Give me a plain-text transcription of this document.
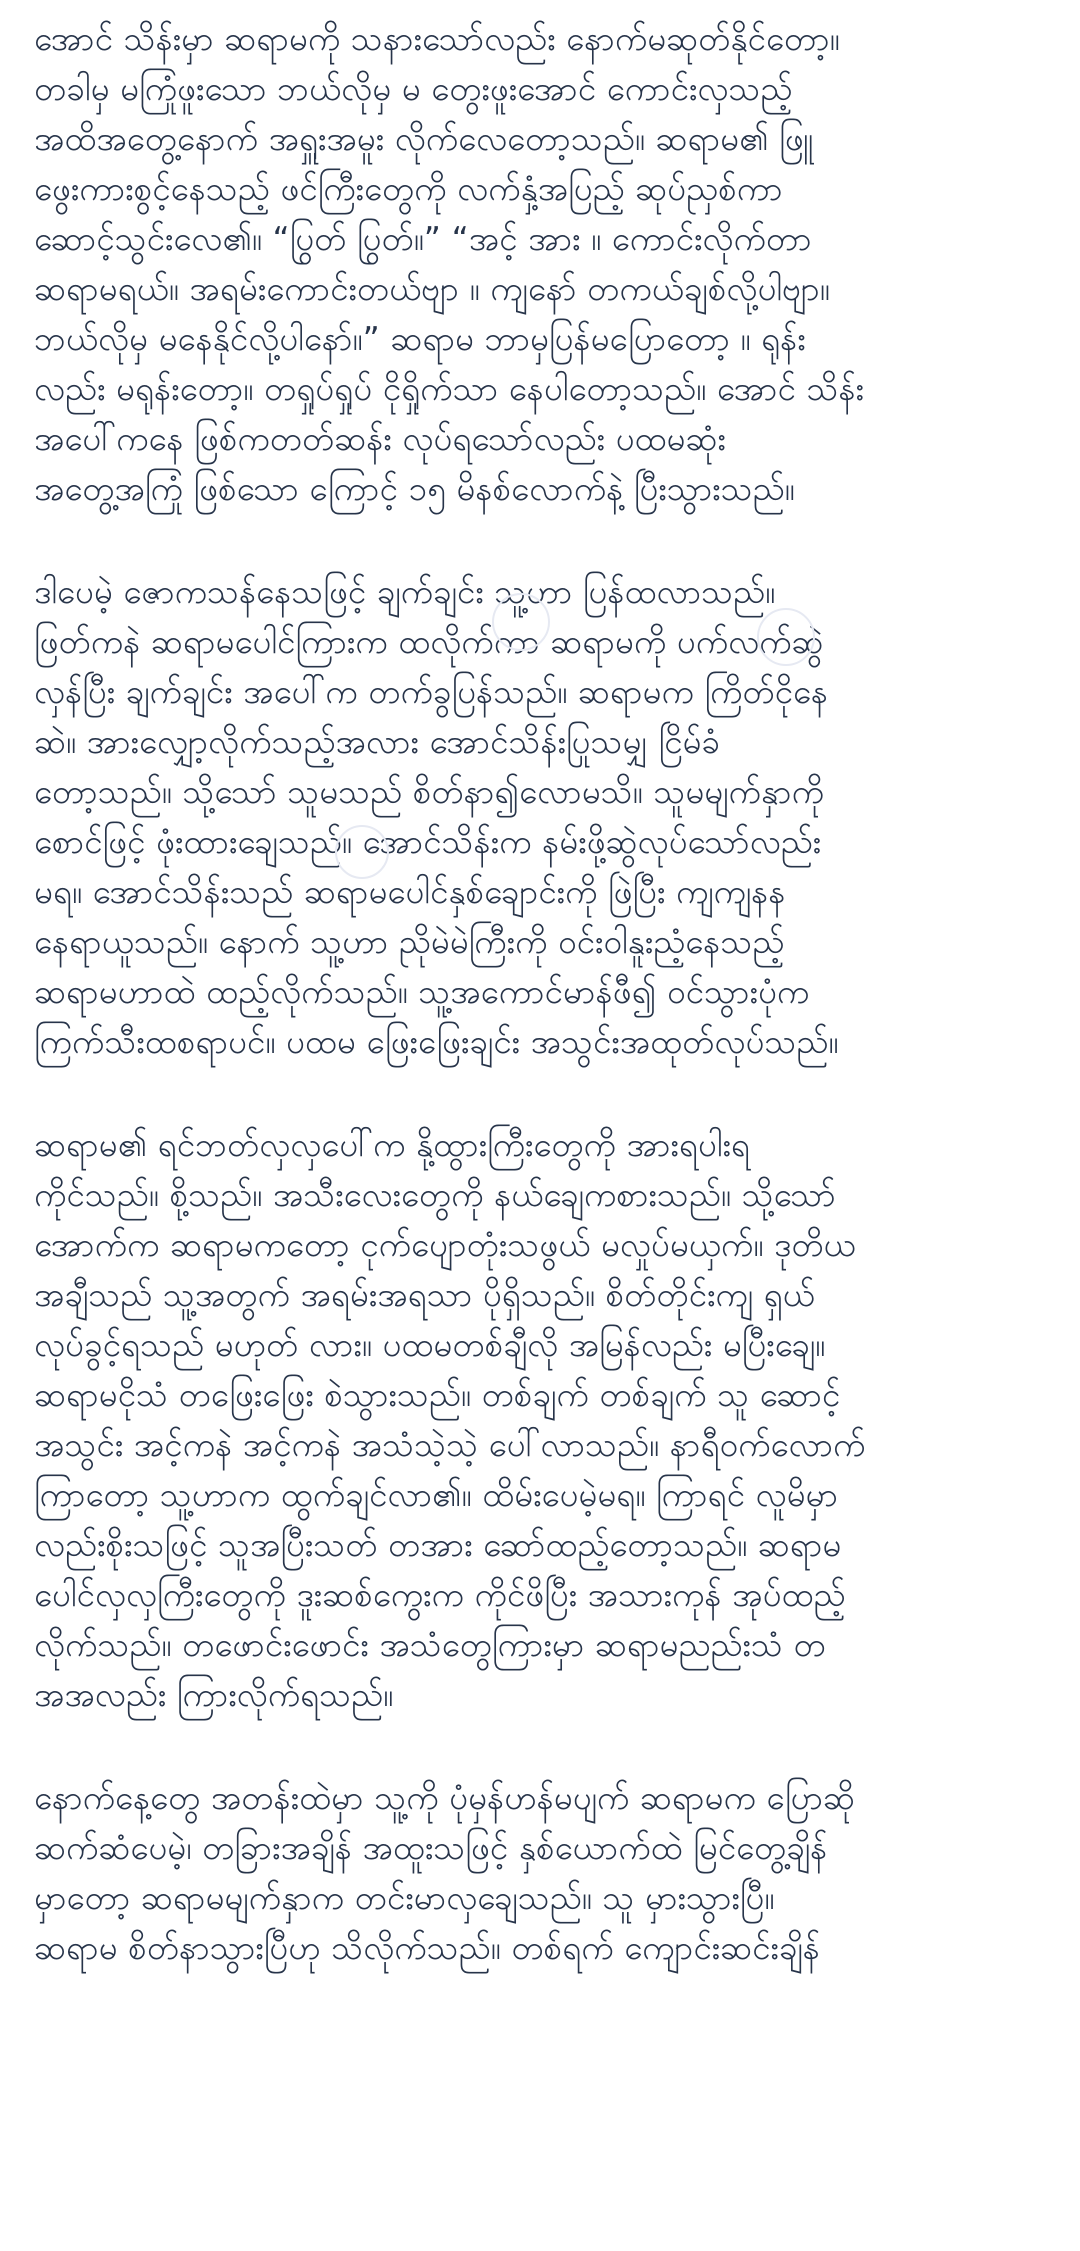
အောင် သိန်းမှာ ဆရာမကို သနားသော်လည်း နောက်မဆုတ်နိုင်တော့။
တခါမှ မကြုံဖူးသော ဘယ်လိုမှ မ တွေးဖူးအောင် ကောင်းလှသည့်
အထိအတွေ့နောက် အရှူးအမူး လိုက်လေတော့သည်။ ဆရာမ၏ ဖြူ
ဖွေးကားစွင့်နေသည့် ဖင်ကြီးတွေကို လက်နှံ့အပြည့် ဆုပ်ညှစ်ကာ
ဆောင့်သွင်းလေ၏။ “ပြွတ် ပြွတ်။” “အင့် အား ။ ကောင်းလိုက်တာ
ဆရာမရယ်။ အရမ်းကောင်းတယ်ဗျာ ။ ကျနော် တကယ်ချစ်လို့ပါဗျာ။
ဘယ်လိုမှ မနေနိုင်လို့ပါနော်။” ဆရာမ ဘာမှပြန်မပြောတော့ ။ ရုန်း
လည်း မရုန်းတော့။ တရှုပ်ရှုပ် ငိုရှိုက်သာ နေပါတော့သည်။ အောင် သိန်း
အပေါ်ကနေ ဖြစ်ကတတ်ဆန်း လုပ်ရသော်လည်း ပထမဆုံး
အတွေ့အကြုံ ဖြစ်သော ကြောင့် ၁၅ မိနစ်လောက်နဲ့ ပြီးသွားသည်။

ဒါပေမဲ့ ဇောကသန်နေသဖြင့် ချက်ချင်း သူ့ဟာ ပြန်ထလာသည်။
ဖြတ်ကနဲ ဆရာမပေါင်ကြားက ထလိုက်ကာ ဆရာမကို ပက်လက်ဆွဲ
လှန်ပြီး ချက်ချင်း အပေါ်က တက်ခွပြန်သည်။ ဆရာမက ကြိတ်ငိုနေ
ဆဲ။ အားလျှော့လိုက်သည့်အလား အောင်သိန်းပြုသမျှ ငြိမ်ခံ
တော့သည်။ သို့သော် သူမသည် စိတ်နာ၍လောမသိ။ သူမမျက်နှာကို
စောင်ဖြင့် ဖုံးထားချေသည်။ အောင်သိန်းက နမ်းဖို့ဆွဲလုပ်သော်လည်း
မရ။ အောင်သိန်းသည် ဆရာမပေါင်နှစ်ချောင်းကို ဖြဲပြီး ကျကျနန
နေရာယူသည်။ နောက် သူ့ဟာ ညိုမဲမဲကြီးကို ဝင်းဝါနူးညံ့နေသည့်
ဆရာမဟာထဲ ထည့်လိုက်သည်။ သူ့အကောင်မာန်ဖီ၍ ဝင်သွားပုံက
ကြက်သီးထစရာပင်။ ပထမ ဖြေးဖြေးချင်း အသွင်းအထုတ်လုပ်သည်။

ဆရာမ၏ ရင်ဘတ်လှလှပေါ်က နို့ထွားကြီးတွေကို အားရပါးရ
ကိုင်သည်။ စို့သည်။ အသီးလေးတွေကို နယ်ချေကစားသည်။ သို့သော်
အောက်က ဆရာမကတော့ ငုက်ပျောတုံးသဖွယ် မလှုပ်မယှက်။ ဒုတိယ
အချီသည် သူ့အတွက် အရမ်းအရသာ ပိုရှိသည်။ စိတ်တိုင်းကျ ရှယ်
လုပ်ခွင့်ရသည် မဟုတ် လား။ ပထမတစ်ချီလို အမြန်လည်း မပြီးချေ။
ဆရာမငိုသံ တဖြေးဖြေး စဲသွားသည်။ တစ်ချက် တစ်ချက် သူ ဆောင့်
အသွင်း အင့်ကနဲ အင့်ကနဲ အသံသဲ့သဲ့ ပေါ်လာသည်။ နာရီဝက်လောက်
ကြာတော့ သူ့ဟာက ထွက်ချင်လာ၏။ ထိမ်းပေမဲ့မရ။ ကြာရင် လူမိမှာ
လည်းစိုးသဖြင့် သူအပြီးသတ် တအား ဆော်ထည့်တော့သည်။ ဆရာမ
ပေါင်လှလှကြီးတွေကို ဒူးဆစ်ကွေးက ကိုင်ဖိပြီး အသားကုန် အုပ်ထည့်
လိုက်သည်။ တဖောင်းဖောင်း အသံတွေကြားမှာ ဆရာမညည်းသံ တ
အအလည်း ကြားလိုက်ရသည်။

နောက်နေ့တွေ အတန်းထဲမှာ သူ့ကို ပုံမှန်ဟန်မပျက် ဆရာမက ပြောဆို
ဆက်ဆံပေမဲ့၊ တခြားအချိန် အထူးသဖြင့် နှစ်ယောက်ထဲ မြင်တွေ့ချိန်
မှာတော့ ဆရာမမျက်နှာက တင်းမာလှချေသည်။ သူ မှားသွားပြီ။
ဆရာမ စိတ်နာသွားပြီဟု သိလိုက်သည်။ တစ်ရက် ကျောင်းဆင်းချိန်
